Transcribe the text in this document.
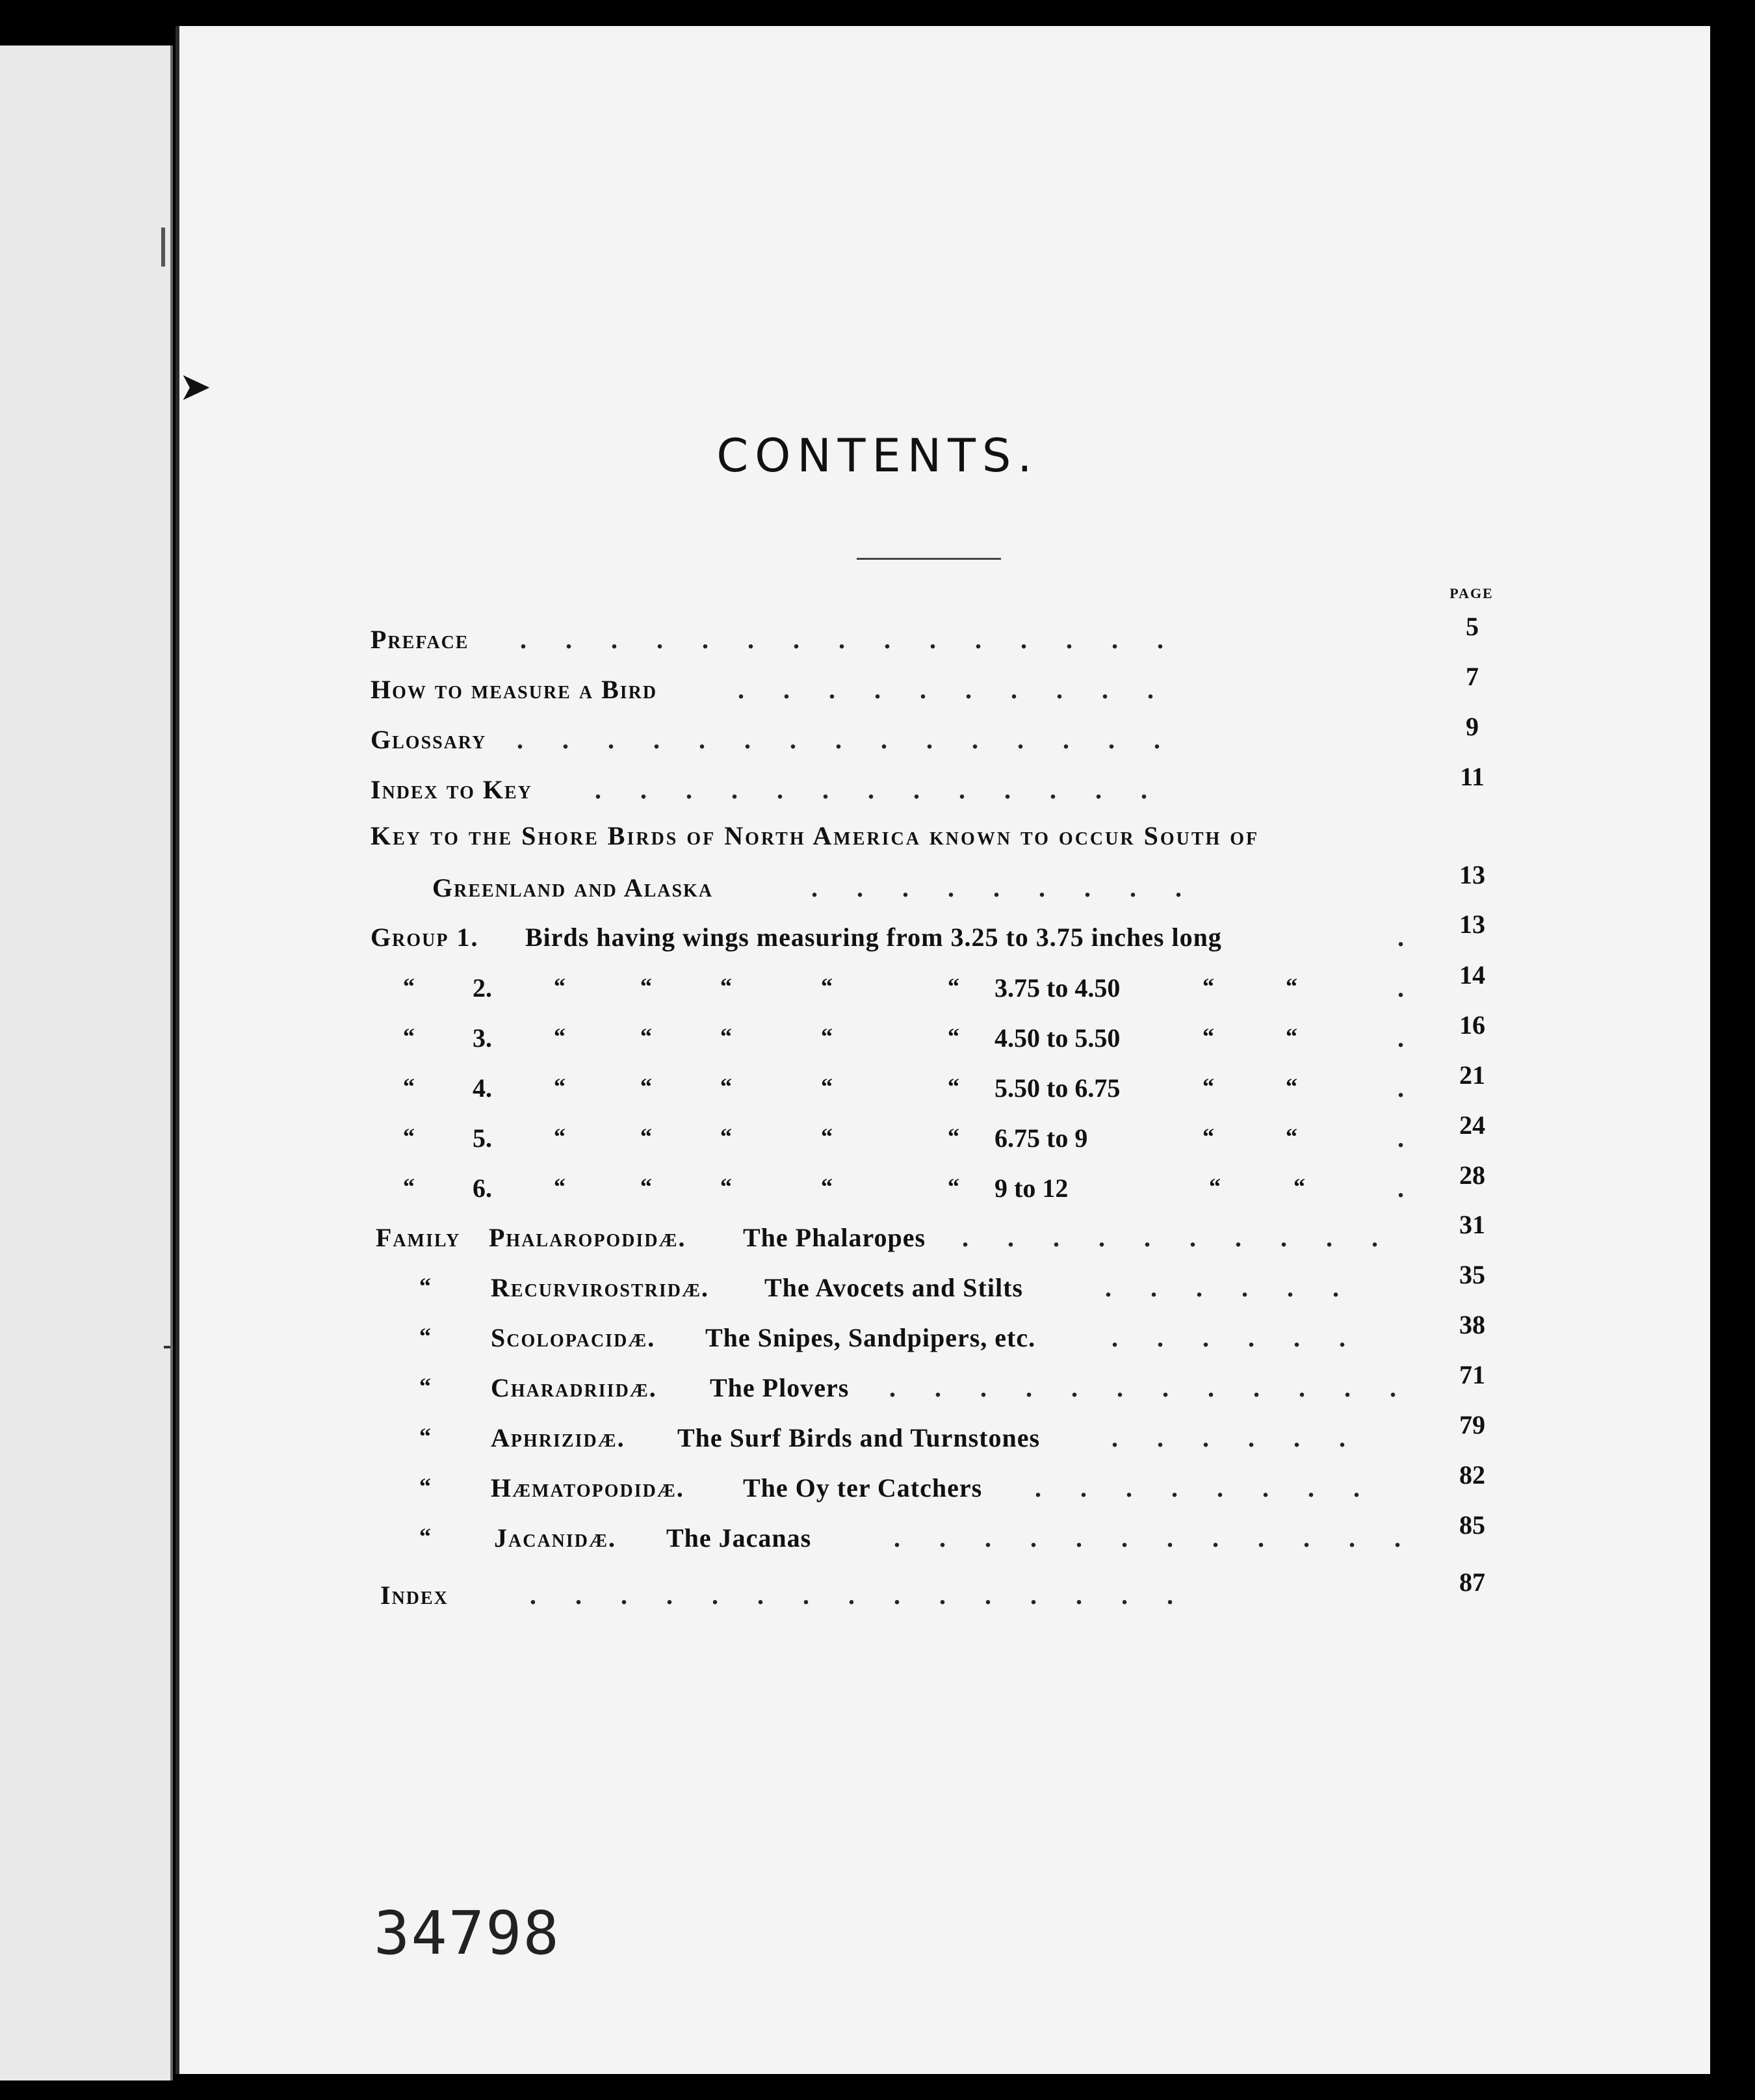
➤
CONTENTS.
PAGE
Preface .      .      .      .      .      .      .      .      .      .      .      .      .      .      .	5
How to measure a Bird	.      .      .      .      .      .      .      .      .      .	7
Glossary .      .      .      .      .      .      .      .      .      .      .      .      .      .      .	9
Index to Key .      .      .      .      .      .      .      .      .      .      .      .      .	11
Key to the Shore Birds of North America known to occur South of
Greenland and Alaska	.      .      .      .      .      .      .      .      .	13
Group 1. Birds having wings measuring from 3.25 to 3.75 inches long	.	13
“ 2.	“	“	“	“	“ 3.75 to 4.50	“	“	.	14
“ 3.	“	“	“	“	“ 4.50 to 5.50	“	“	.	16
“ 4.	“	“	“	“	“ 5.50 to 6.75	“	“	.	21
“ 5.	“	“	“	“	“ 6.75 to 9	“	“	.	24
“ 6.	“	“	“	“	“ 9 to 12	“	“	.	28
Family Phalaropodidæ. The Phalaropes .      .      .      .      .      .      .      .      .      .	31
“ Recurvirostridæ. The Avocets and Stilts	.      .      .      .      .      .	35
“ Scolopacidæ. The Snipes, Sandpipers, etc.	.      .      .      .      .      .	38
“ Charadriidæ. The Plovers .      .      .      .      .      .      .      .      .      .      .      .	71
“ Aphrizidæ. The Surf Birds and Turnstones	.      .      .      .      .      .	79
“ Hæmatopodidæ. The Oy ter Catchers .      .      .      .      .      .      .      .	82
“ Jacanidæ. The Jacanas	.      .      .      .      .      .      .      .      .      .      .      .	85
Index	.      .      .      .      .      .      .      .      .      .      .      .      .      .      .	87
34798
